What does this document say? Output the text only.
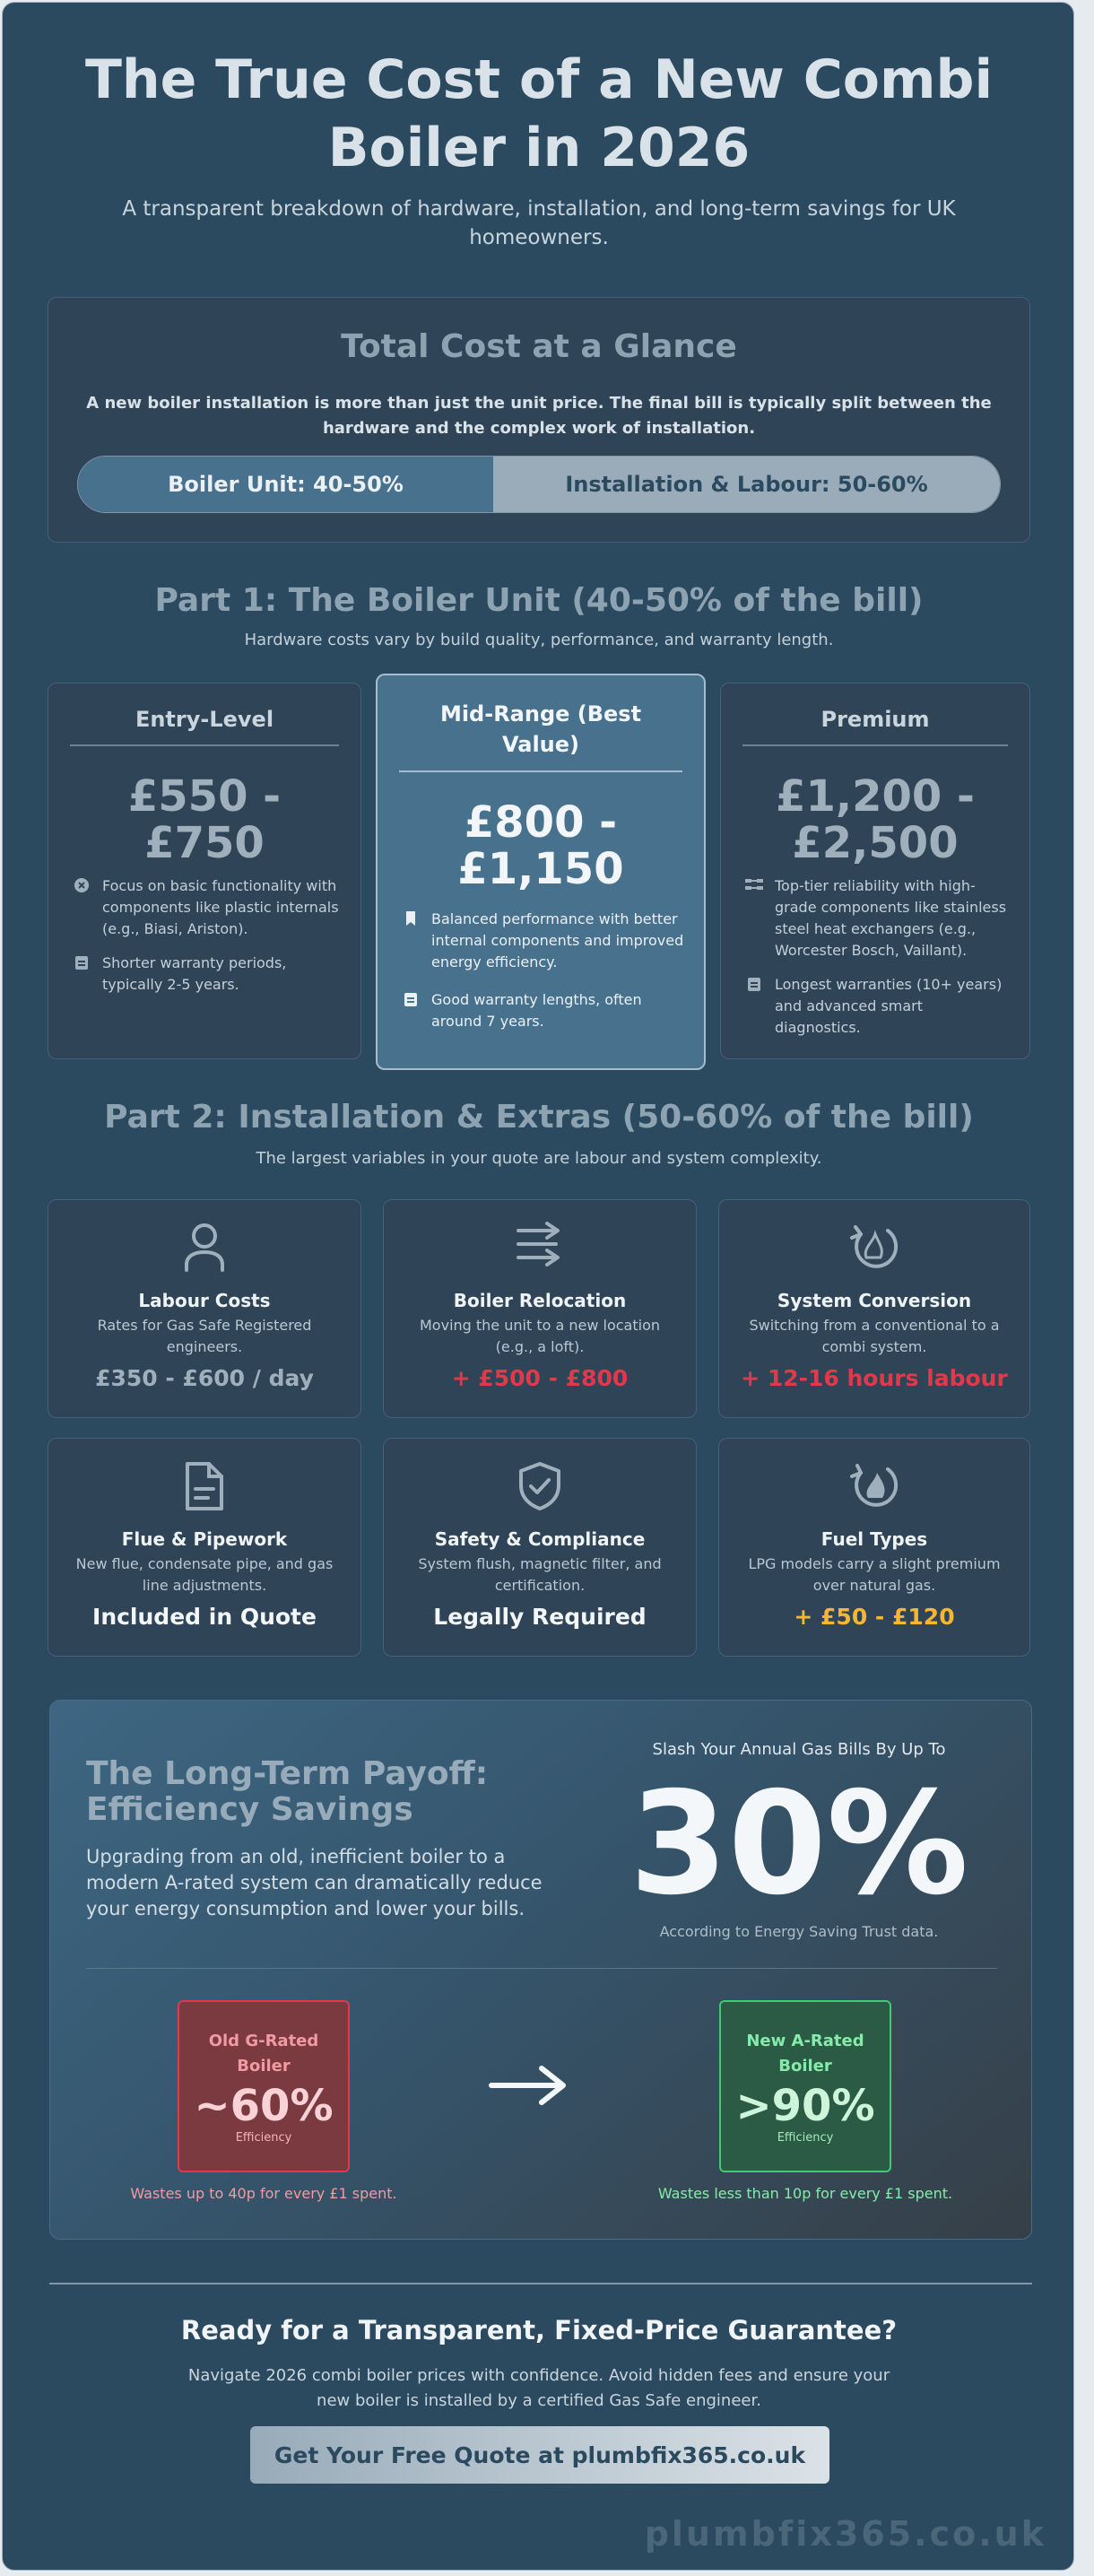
The True Cost of a New Combi
Boiler in 2026
A transparent breakdown of hardware, installation, and long-term savings for UK homeowners.
Total Cost at a Glance
A new boiler installation is more than just the unit price. The final bill is typically split between the hardware and the complex work of installation.
Boiler Unit: 40-50%	Installation & Labour: 50-60%
Part 1: The Boiler Unit (40-50% of the bill)
Hardware costs vary by build quality, performance, and warranty length.
Entry-Level
£550 -
£750
Focus on basic functionality with components like plastic internals (e.g., Biasi, Ariston).
Shorter warranty periods, typically 2-5 years.
Mid-Range (Best
Value)
£800 -
£1,150
Balanced performance with better internal components and improved energy efficiency.
Good warranty lengths, often around 7 years.
Premium
£1,200 -
£2,500
Top-tier reliability with high-grade components like stainless steel heat exchangers (e.g., Worcester Bosch, Vaillant).
Longest warranties (10+ years) and advanced smart diagnostics.
Part 2: Installation & Extras (50-60% of the bill)
The largest variables in your quote are labour and system complexity.
Labour Costs
Rates for Gas Safe Registered engineers.
£350 - £600 / day
Boiler Relocation
Moving the unit to a new location (e.g., a loft).
+ £500 - £800
System Conversion
Switching from a conventional to a combi system.
+ 12-16 hours labour
Flue & Pipework
New flue, condensate pipe, and gas line adjustments.
Included in Quote
Safety & Compliance
System flush, magnetic filter, and certification.
Legally Required
Fuel Types
LPG models carry a slight premium over natural gas.
+ £50 - £120
The Long-Term Payoff:
Efficiency Savings
Upgrading from an old, inefficient boiler to a modern A-rated system can dramatically reduce your energy consumption and lower your bills.
Slash Your Annual Gas Bills By Up To
30%
According to Energy Saving Trust data.
Old G-Rated
Boiler
~60%
Efficiency
Wastes up to 40p for every £1 spent.
New A-Rated
Boiler
>90%
Efficiency
Wastes less than 10p for every £1 spent.
Ready for a Transparent, Fixed-Price Guarantee?
Navigate 2026 combi boiler prices with confidence. Avoid hidden fees and ensure your new boiler is installed by a certified Gas Safe engineer.
Get Your Free Quote at plumbfix365.co.uk
plumbfix365.co.uk
